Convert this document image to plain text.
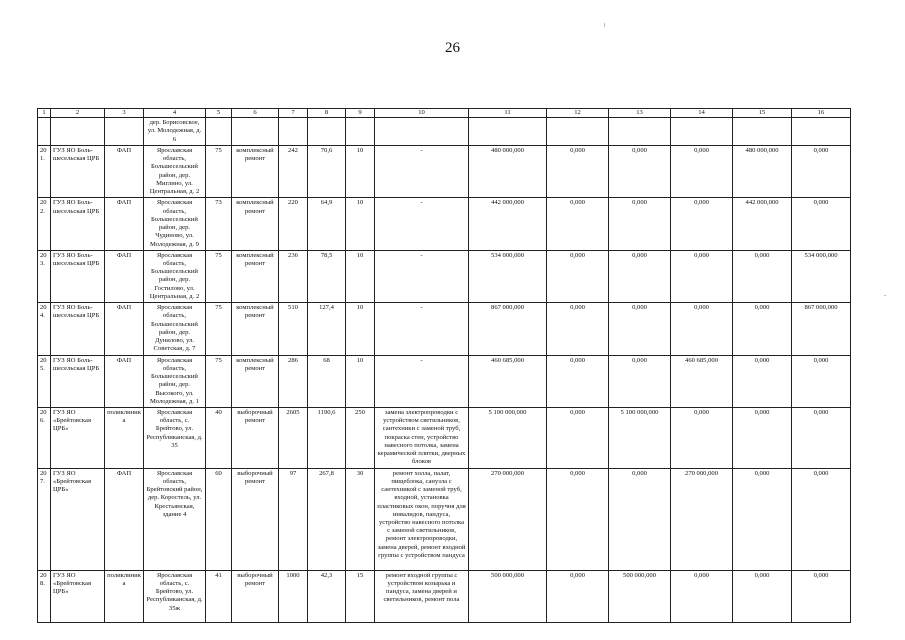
26
1	2	3	4	5	6	7	8	9	10	11	12	13	14	15	16
			дер. Борисовское, ул. Молодежная, д. 6												
201.	ГУЗ ЯО Боль-шесельская ЦРБ	ФАП	Ярославская область, Большесельский район, дер. Миглино, ул. Центральная, д. 2	75	комплексный ремонт	242	70,6	10	-	480 000,000	0,000	0,000	0,000	480 000,000	0,000
202.	ГУЗ ЯО Боль-шесельская ЦРБ	ФАП	Ярославская область, Большесельский район, дер. Чудиново, ул. Молодежная, д. 9	73	комплексный ремонт	220	64,9	10	-	442 000,000	0,000	0,000	0,000	442 000,000	0,000
203.	ГУЗ ЯО Боль-шесельская ЦРБ	ФАП	Ярославская область, Большесельский район, дер. Гостилово, ул. Центральная, д. 2	75	комплексный ремонт	236	78,5	10	-	534 000,000	0,000	0,000	0,000	0,000	534 000,000
204.	ГУЗ ЯО Боль-шесельская ЦРБ	ФАП	Ярославская область, Большесельский район, дер. Дуниловo, ул. Советская, д. 7	75	комплексный ремонт	510	127,4	10	-	867 000,000	0,000	0,000	0,000	0,000	867 000,000
205.	ГУЗ ЯО Боль-шесельская ЦРБ	ФАП	Ярославская область, Большесельский район, дер. Высокого, ул. Молодежная, д. 1	75	комплексный ремонт	286	68	10	-	460 685,000	0,000	0,000	460 685,000	0,000	0,000
206.	ГУЗ ЯО «Брейтовская ЦРБ»	поликлиника	Ярославская область, с. Брейтово, ул. Республиканская, д. 35	40	выборочный ремонт	2605	1190,6	250	замена электропроводки с устройством светильников, сантехники с заменой труб, покраска стен, устройство навесного потолка, замена керамической плитки, дверных блоков	5 100 000,000	0,000	5 100 000,000	0,000	0,000	0,000
207.	ГУЗ ЯО «Брейтовская ЦРБ»	ФАП	Ярославская область, Брейтовский район, дер. Коростель, ул. Крестьянская, здание 4	60	выборочный ремонт	97	267,8	30	ремонт холла, палат, пищеблока, санузла с сантехникой с заменой труб, входной, установка пластиковых окон, поручня для инвалидов, пандуса, устройство навесного потолка с заменой светильников, ремонт электропроводки, замена дверей, ремонт входной группы с устройством пандуса	270 000,000	0,000	0,000	270 000,000	0,000	0,000
208.	ГУЗ ЯО «Брейтовская ЦРБ»	поликлиника	Ярославская область, с. Брейтово, ул. Республиканская, д. 35ж	41	выборочный ремонт	1000	42,3	15	ремонт входной группы с устройством козырька и пандуса, замена дверей и светильников, ремонт пола	500 000,000	0,000	500 000,000	0,000	0,000	0,000
